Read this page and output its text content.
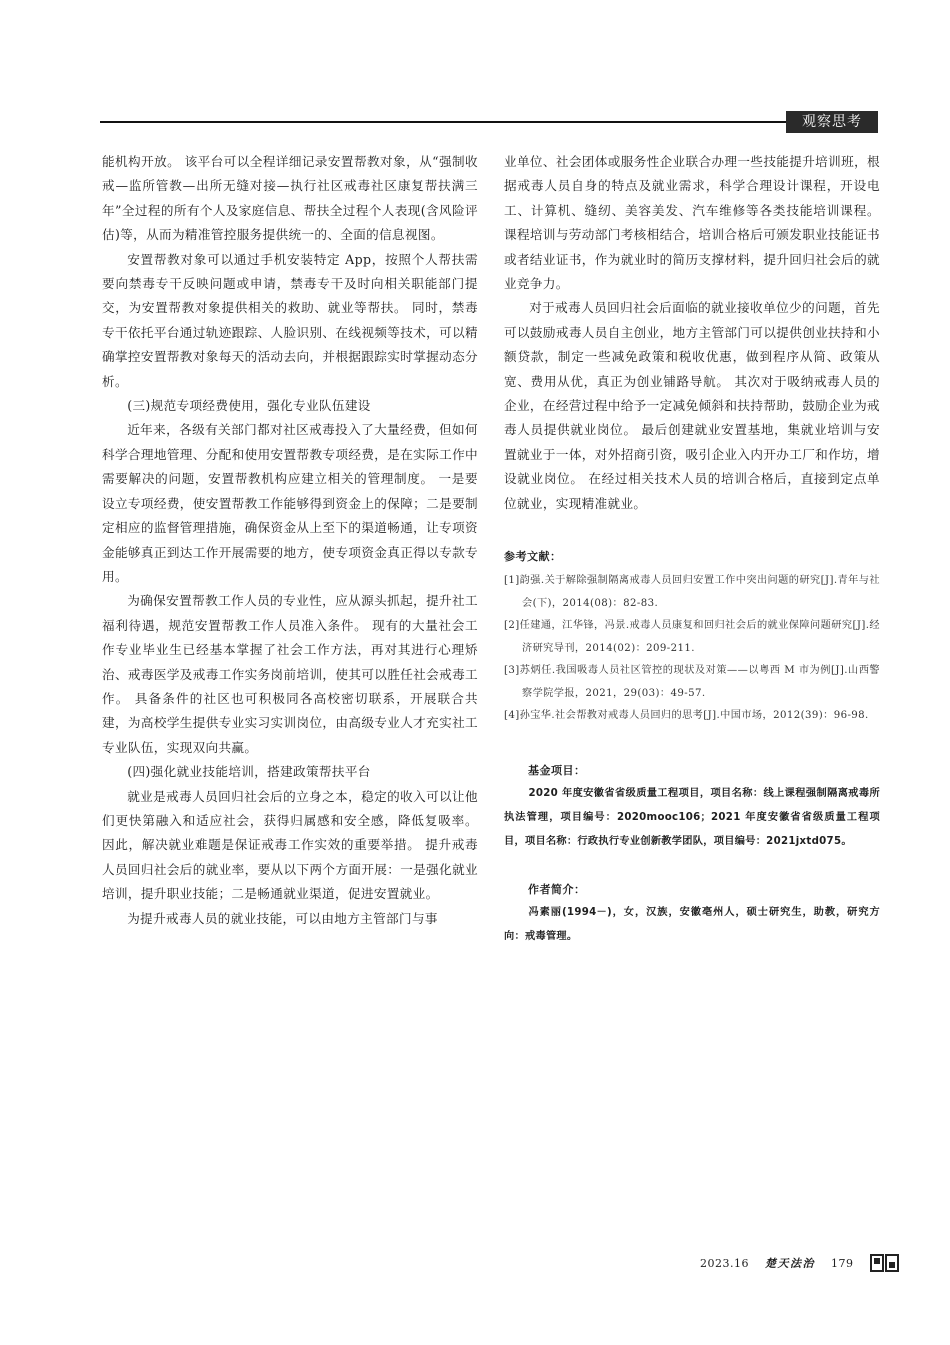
观察思考

能机构开放。 该平台可以全程详细记录安置帮教对象，从“强制收戒—监所管教—出所无缝对接—执行社区戒毒社区康复帮扶满三年”全过程的所有个人及家庭信息、帮扶全过程个人表现(含风险评估)等，从而为精准管控服务提供统一的、全面的信息视图。

安置帮教对象可以通过手机安装特定 App，按照个人帮扶需要向禁毒专干反映问题或申请，禁毒专干及时向相关职能部门提交，为安置帮教对象提供相关的救助、就业等帮扶。 同时，禁毒专干依托平台通过轨迹跟踪、人脸识别、在线视频等技术，可以精确掌控安置帮教对象每天的活动去向，并根据跟踪实时掌握动态分析。

(三)规范专项经费使用，强化专业队伍建设

近年来，各级有关部门都对社区戒毒投入了大量经费，但如何科学合理地管理、分配和使用安置帮教专项经费，是在实际工作中需要解决的问题，安置帮教机构应建立相关的管理制度。 一是要设立专项经费，使安置帮教工作能够得到资金上的保障；二是要制定相应的监督管理措施，确保资金从上至下的渠道畅通，让专项资金能够真正到达工作开展需要的地方，使专项资金真正得以专款专用。

为确保安置帮教工作人员的专业性，应从源头抓起，提升社工福利待遇，规范安置帮教工作人员准入条件。 现有的大量社会工作专业毕业生已经基本掌握了社会工作方法，再对其进行心理矫治、戒毒医学及戒毒工作实务岗前培训，使其可以胜任社会戒毒工作。 具备条件的社区也可积极同各高校密切联系，开展联合共建，为高校学生提供专业实习实训岗位，由高级专业人才充实社工专业队伍，实现双向共赢。

(四)强化就业技能培训，搭建政策帮扶平台

就业是戒毒人员回归社会后的立身之本，稳定的收入可以让他们更快第融入和适应社会，获得归属感和安全感，降低复吸率。 因此，解决就业难题是保证戒毒工作实效的重要举措。 提升戒毒人员回归社会后的就业率，要从以下两个方面开展：一是强化就业培训，提升职业技能；二是畅通就业渠道，促进安置就业。

为提升戒毒人员的就业技能，可以由地方主管部门与事

业单位、社会团体或服务性企业联合办理一些技能提升培训班，根据戒毒人员自身的特点及就业需求，科学合理设计课程，开设电工、计算机、缝纫、美容美发、汽车维修等各类技能培训课程。 课程培训与劳动部门考核相结合，培训合格后可颁发职业技能证书或者结业证书，作为就业时的简历支撑材料，提升回归社会后的就业竞争力。

对于戒毒人员回归社会后面临的就业接收单位少的问题，首先可以鼓励戒毒人员自主创业，地方主管部门可以提供创业扶持和小额贷款，制定一些减免政策和税收优惠，做到程序从简、政策从宽、费用从优，真正为创业铺路导航。 其次对于吸纳戒毒人员的企业，在经营过程中给予一定减免倾斜和扶持帮助，鼓励企业为戒毒人员提供就业岗位。 最后创建就业安置基地，集就业培训与安置就业于一体，对外招商引资，吸引企业入内开办工厂和作坊，增设就业岗位。 在经过相关技术人员的培训合格后，直接到定点单位就业，实现精准就业。

参考文献：

[1]韵强.关于解除强制隔离戒毒人员回归安置工作中突出问题的研究[J].青年与社会(下)，2014(08)：82-83.

[2]任建通，江华锋，冯景.戒毒人员康复和回归社会后的就业保障问题研究[J].经济研究导刊，2014(02)：209-211.

[3]苏炳任.我国吸毒人员社区管控的现状及对策——以粤西 M 市为例[J].山西警察学院学报，2021，29(03)：49-57.

[4]孙宝华.社会帮教对戒毒人员回归的思考[J].中国市场，2012(39)：96-98.

基金项目：

2020 年度安徽省省级质量工程项目，项目名称：线上课程强制隔离戒毒所执法管理，项目编号：2020mooc106；2021 年度安徽省省级质量工程项目，项目名称：行政执行专业创新教学团队，项目编号：2021jxtd075。

作者简介：

冯素丽(1994－)，女，汉族，安徽亳州人，硕士研究生，助教，研究方向：戒毒管理。

2023.16 楚天法治 179
